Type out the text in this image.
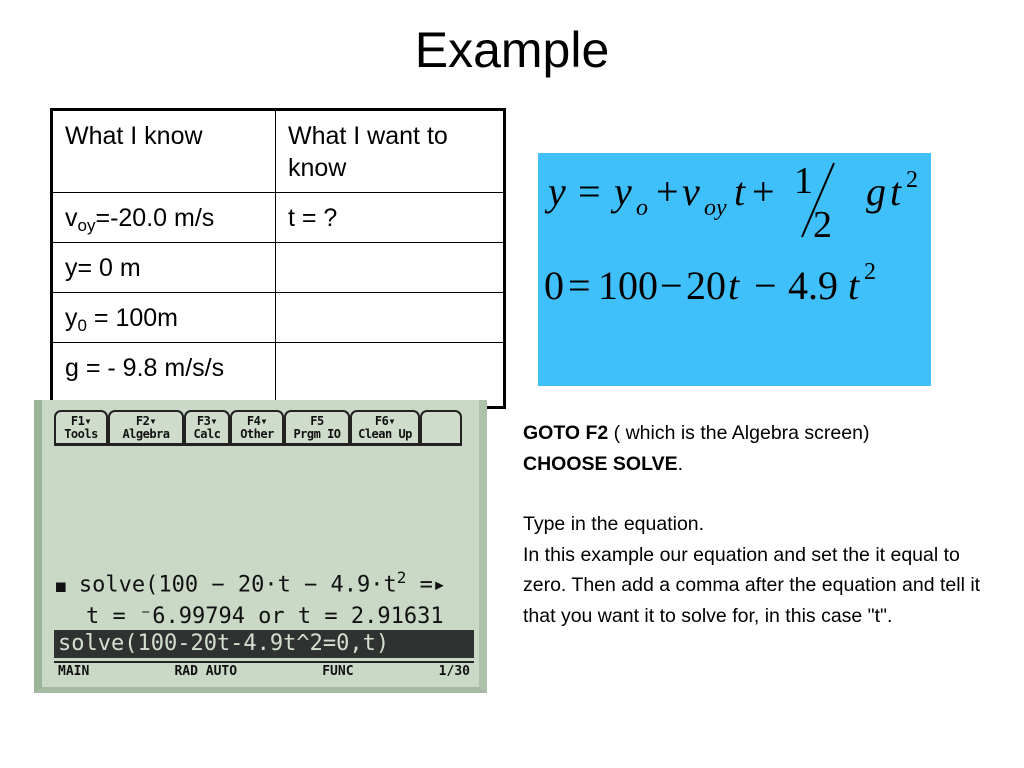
Example
What I know	What I want to know
$v_{oy}=-20.0$ m/s	t = ?
y= 0 m	
$y_0 = 100m$	
g = - 9.8 m/s/s	
y = y o + v oy t + 1
2
g t 2
0 = 100 − 20 t − 4.9 t 2
F1▾
Tools
F2▾
Algebra
F3▾
Calc
F4▾
Other
F5
Prgm IO
F6▾
Clean Up
■ solve(100 − $20\cdot t - 4.9\cdot t^2$ =▸
t = ⁻6.99794 or t = 2.91631
solve(100-20t-4.9t^2=0,t)
MAIN	RAD AUTO	FUNC	1/30

GOTO F2 ( which is the Algebra screen)
CHOOSE SOLVE.

Type in the equation.
In this example our equation and set the it equal to zero. Then add a comma after the equation and tell it that you want it to solve for, in this case "t".
